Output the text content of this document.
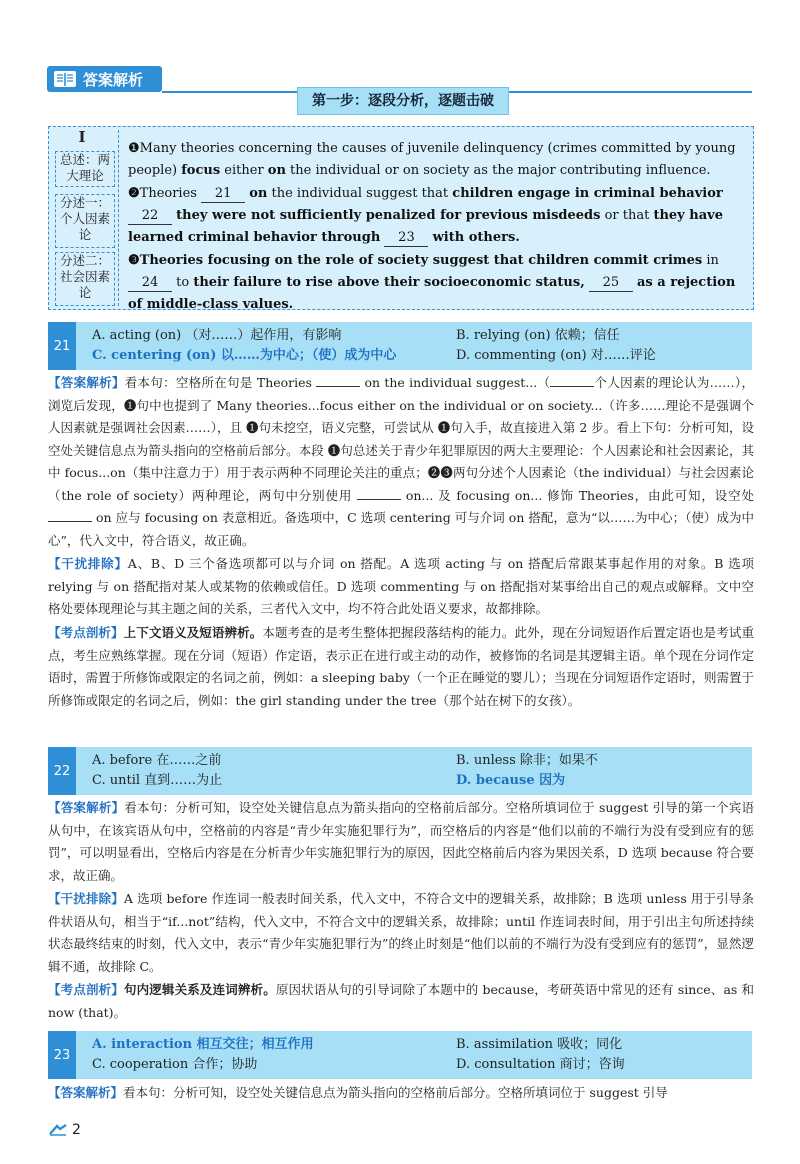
答案解析
第一步：逐段分析，逐题击破
I
总述：两大理论
分述一：个人因素论
分述二：社会因素论
❶Many theories concerning the causes of juvenile delinquency (crimes committed by young people) focus either on the individual or on society as the major contributing influence.
❷Theories 21 on the individual suggest that children engage in criminal behavior 22 they were not sufficiently penalized for previous misdeeds or that they have learned criminal behavior through 23 with others.
❸Theories focusing on the role of society suggest that children commit crimes in 24 to their failure to rise above their socioeconomic status, 25 as a rejection of middle-class values.
21
A. acting (on) （对……）起作用，有影响	B. relying (on) 依赖；信任
C. centering (on) 以……为中心；（使）成为中心	D. commenting (on) 对……评论
【答案解析】看本句：空格所在句是 Theories	on the individual suggest...（	个人因素的理论认为……），浏览后发现，❶句中也提到了 Many theories...focus either on the individual or on society...（许多……理论不是强调个人因素就是强调社会因素……），且 ❶句未挖空，语义完整，可尝试从 ❶句入手，故直接进入第 2 步。看上下句：分析可知，设空处关键信息点为箭头指向的空格前后部分。本段 ❶句总述关于青少年犯罪原因的两大主要理论：个人因素论和社会因素论，其中 focus...on（集中注意力于）用于表示两种不同理论关注的重点；❷❸两句分述个人因素论（the individual）与社会因素论（the role of society）两种理论，两句中分别使用	on... 及 focusing on... 修饰 Theories，由此可知，设空处  on 应与 focusing on 表意相近。备选项中，C 选项 centering 可与介词 on 搭配，意为“以……为中心；（使）成为中心”，代入文中，符合语义，故正确。
【干扰排除】A、B、D 三个备选项都可以与介词 on 搭配。A 选项 acting 与 on 搭配后常跟某事起作用的对象。B 选项 relying 与 on 搭配指对某人或某物的依赖或信任。D 选项 commenting 与 on 搭配指对某事给出自己的观点或解释。文中空格处要体现理论与其主题之间的关系，三者代入文中，均不符合此处语义要求，故都排除。
【考点剖析】上下文语义及短语辨析。本题考查的是考生整体把握段落结构的能力。此外，现在分词短语作后置定语也是考试重点，考生应熟练掌握。现在分词（短语）作定语，表示正在进行或主动的动作，被修饰的名词是其逻辑主语。单个现在分词作定语时，需置于所修饰或限定的名词之前，例如：a sleeping baby（一个正在睡觉的婴儿）；当现在分词短语作定语时，则需置于所修饰或限定的名词之后，例如：the girl standing under the tree（那个站在树下的女孩）。
22
A. before 在……之前	B. unless 除非；如果不
C. until 直到……为止	D. because 因为
【答案解析】看本句：分析可知，设空处关键信息点为箭头指向的空格前后部分。空格所填词位于 suggest 引导的第一个宾语从句中，在该宾语从句中，空格前的内容是“青少年实施犯罪行为”，而空格后的内容是“他们以前的不端行为没有受到应有的惩罚”，可以明显看出，空格后内容是在分析青少年实施犯罪行为的原因，因此空格前后内容为果因关系，D 选项 because 符合要求，故正确。
【干扰排除】A 选项 before 作连词一般表时间关系，代入文中，不符合文中的逻辑关系，故排除；B 选项 unless 用于引导条件状语从句，相当于“if...not”结构，代入文中，不符合文中的逻辑关系，故排除；until 作连词表时间，用于引出主句所述持续状态最终结束的时刻，代入文中，表示“青少年实施犯罪行为”的终止时刻是“他们以前的不端行为没有受到应有的惩罚”，显然逻辑不通，故排除 C。
【考点剖析】句内逻辑关系及连词辨析。原因状语从句的引导词除了本题中的 because，考研英语中常见的还有 since、as 和 now (that)。
23
A. interaction 相互交往；相互作用	B. assimilation 吸收；同化
C. cooperation 合作；协助	D. consultation 商讨；咨询
【答案解析】看本句：分析可知，设空处关键信息点为箭头指向的空格前后部分。空格所填词位于 suggest 引导
2
